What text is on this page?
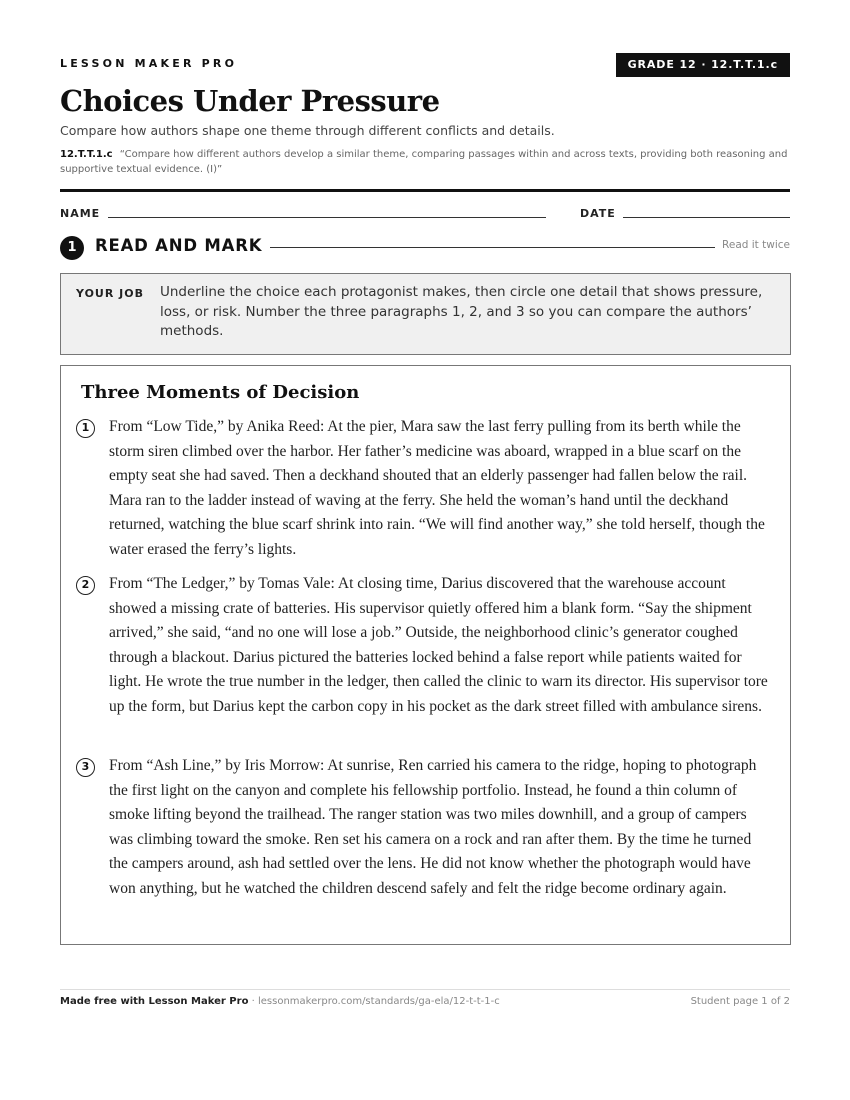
LESSON MAKER PRO	GRADE 12 · 12.T.T.1.c
Choices Under Pressure
Compare how authors shape one theme through different conflicts and details.
12.T.T.1.c “Compare how different authors develop a similar theme, comparing passages within and across texts, providing both reasoning and supportive textual evidence. (I)”
NAME	DATE
1	READ AND MARK	Read it twice
YOUR JOB Underline the choice each protagonist makes, then circle one detail that shows pressure, loss, or risk. Number the three paragraphs 1, 2, and 3 so you can compare the authors’ methods.
Three Moments of Decision
1	From “Low Tide,” by Anika Reed: At the pier, Mara saw the last ferry pulling from its berth while the storm siren climbed over the harbor. Her father’s medicine was aboard, wrapped in a blue scarf on the empty seat she had saved. Then a deckhand shouted that an elderly passenger had fallen below the rail. Mara ran to the ladder instead of waving at the ferry. She held the woman’s hand until the deckhand returned, watching the blue scarf shrink into rain. “We will find another way,” she told herself, though the water erased the ferry’s lights.
2	From “The Ledger,” by Tomas Vale: At closing time, Darius discovered that the warehouse account showed a missing crate of batteries. His supervisor quietly offered him a blank form. “Say the shipment arrived,” she said, “and no one will lose a job.” Outside, the neighborhood clinic’s generator coughed through a blackout. Darius pictured the batteries locked behind a false report while patients waited for light. He wrote the true number in the ledger, then called the clinic to warn its director. His supervisor tore up the form, but Darius kept the carbon copy in his pocket as the dark street filled with ambulance sirens.
3	From “Ash Line,” by Iris Morrow: At sunrise, Ren carried his camera to the ridge, hoping to photograph the first light on the canyon and complete his fellowship portfolio. Instead, he found a thin column of smoke lifting beyond the trailhead. The ranger station was two miles downhill, and a group of campers was climbing toward the smoke. Ren set his camera on a rock and ran after them. By the time he turned the campers around, ash had settled over the lens. He did not know whether the photograph would have won anything, but he watched the children descend safely and felt the ridge become ordinary again.
Made free with Lesson Maker Pro · lessonmakerpro.com/standards/ga-ela/12-t-t-1-c	Student page 1 of 2
